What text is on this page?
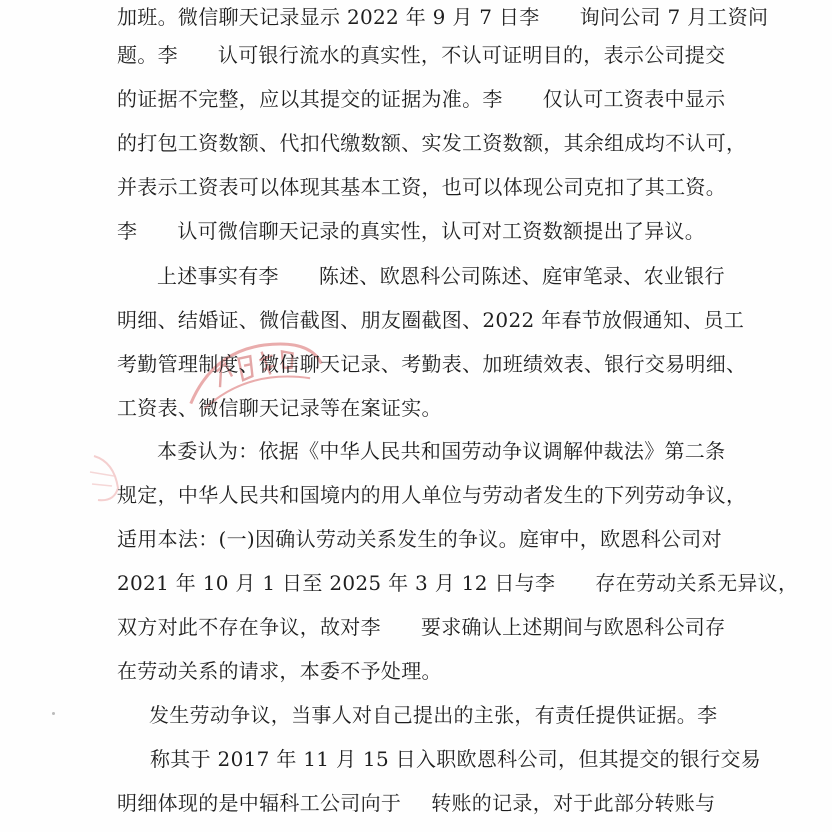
加班。微信聊天记录显示 2022 年 9 月 7 日李 询问公司 7 月工资问
题。李 认可银行流水的真实性，不认可证明目的，表示公司提交
的证据不完整，应以其提交的证据为准。李 仅认可工资表中显示
的打包工资数额、代扣代缴数额、实发工资数额，其余组成均不认可，
并表示工资表可以体现其基本工资，也可以体现公司克扣了其工资。
李 认可微信聊天记录的真实性，认可对工资数额提出了异议。
上述事实有李 陈述、欧恩科公司陈述、庭审笔录、农业银行
明细、结婚证、微信截图、朋友圈截图、2022 年春节放假通知、员工
考勤管理制度、微信聊天记录、考勤表、加班绩效表、银行交易明细、
工资表、微信聊天记录等在案证实。
本委认为：依据《中华人民共和国劳动争议调解仲裁法》第二条
规定，中华人民共和国境内的用人单位与劳动者发生的下列劳动争议，
适用本法：(一)因确认劳动关系发生的争议。庭审中，欧恩科公司对
2021 年 10 月 1 日至 2025 年 3 月 12 日与李 存在劳动关系无异议，
双方对此不存在争议，故对李 要求确认上述期间与欧恩科公司存
在劳动关系的请求，本委不予处理。
发生劳动争议，当事人对自己提出的主张，有责任提供证据。李
称其于 2017 年 11 月 15 日入职欧恩科公司，但其提交的银行交易
明细体现的是中辐科工公司向于 转账的记录，对于此部分转账与
